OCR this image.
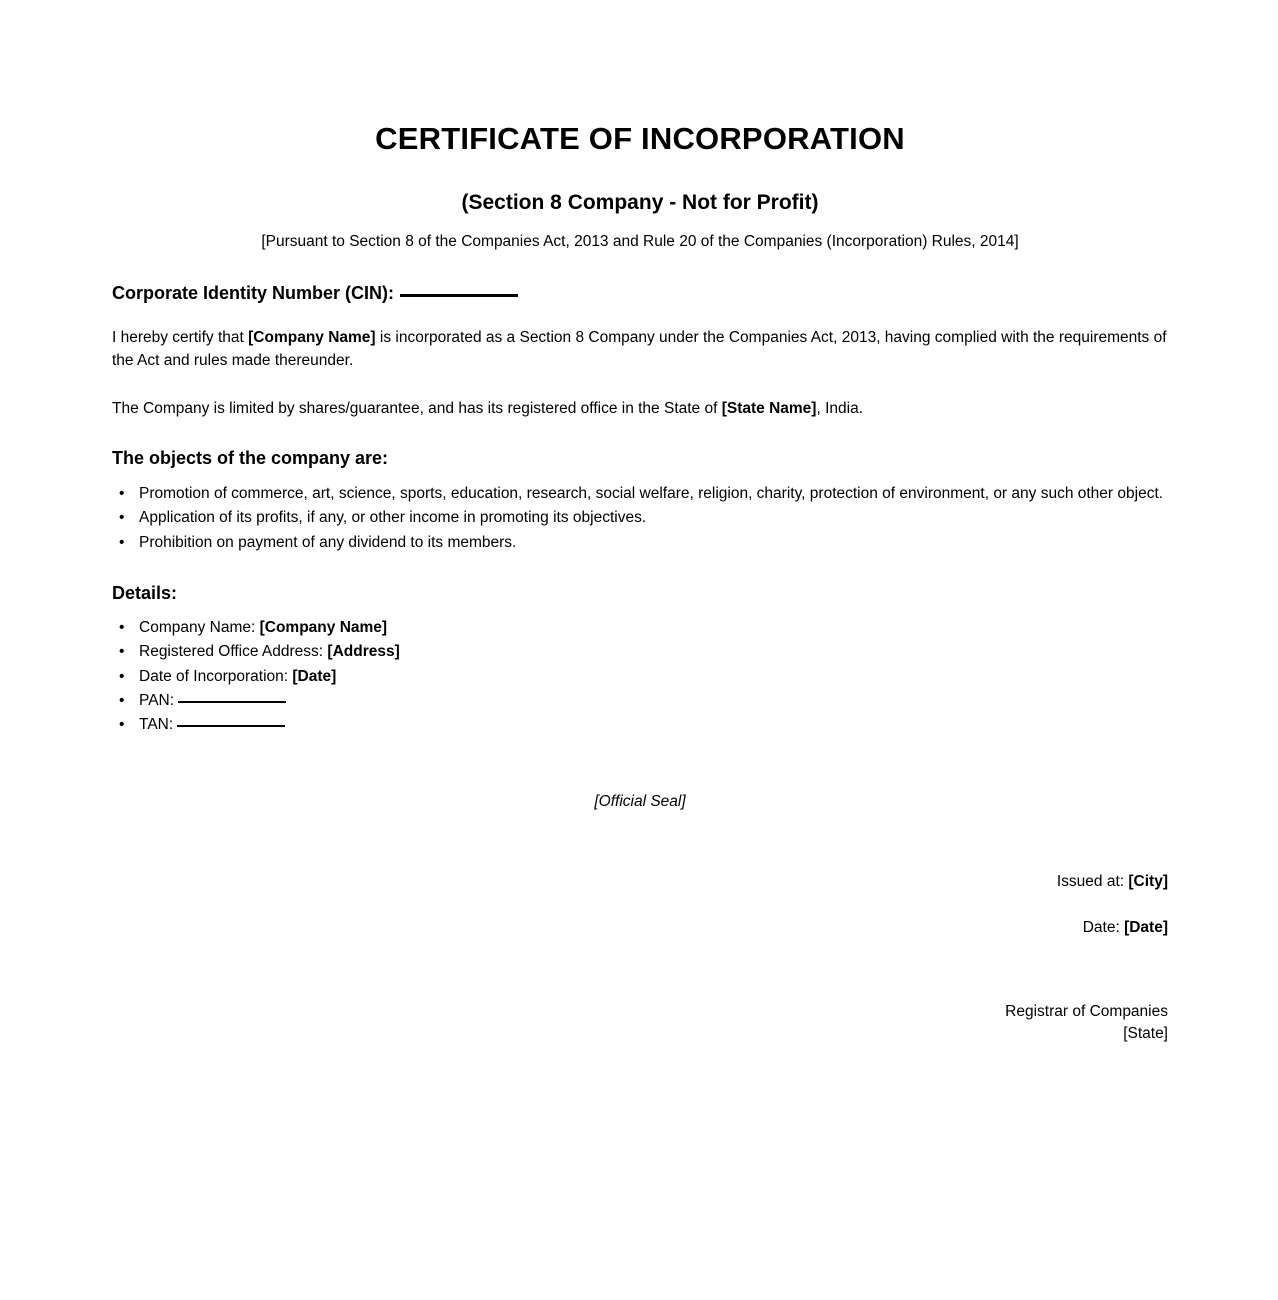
CERTIFICATE OF INCORPORATION
(Section 8 Company - Not for Profit)

[Pursuant to Section 8 of the Companies Act, 2013 and Rule 20 of the Companies (Incorporation) Rules, 2014]

Corporate Identity Number (CIN):

I hereby certify that [Company Name] is incorporated as a Section 8 Company under the Companies Act, 2013, having complied with the requirements of the Act and rules made thereunder.

The Company is limited by shares/guarantee, and has its registered office in the State of [State Name], India.

The objects of the company are:
• Promotion of commerce, art, science, sports, education, research, social welfare, religion, charity, protection of environment, or any such other object.
• Application of its profits, if any, or other income in promoting its objectives.
• Prohibition on payment of any dividend to its members.
Details:
• Company Name: [Company Name]
• Registered Office Address: [Address]
• Date of Incorporation: [Date]
• PAN:
• TAN:

[Official Seal]

Issued at: [City]

Date: [Date]

Registrar of Companies

[State]
